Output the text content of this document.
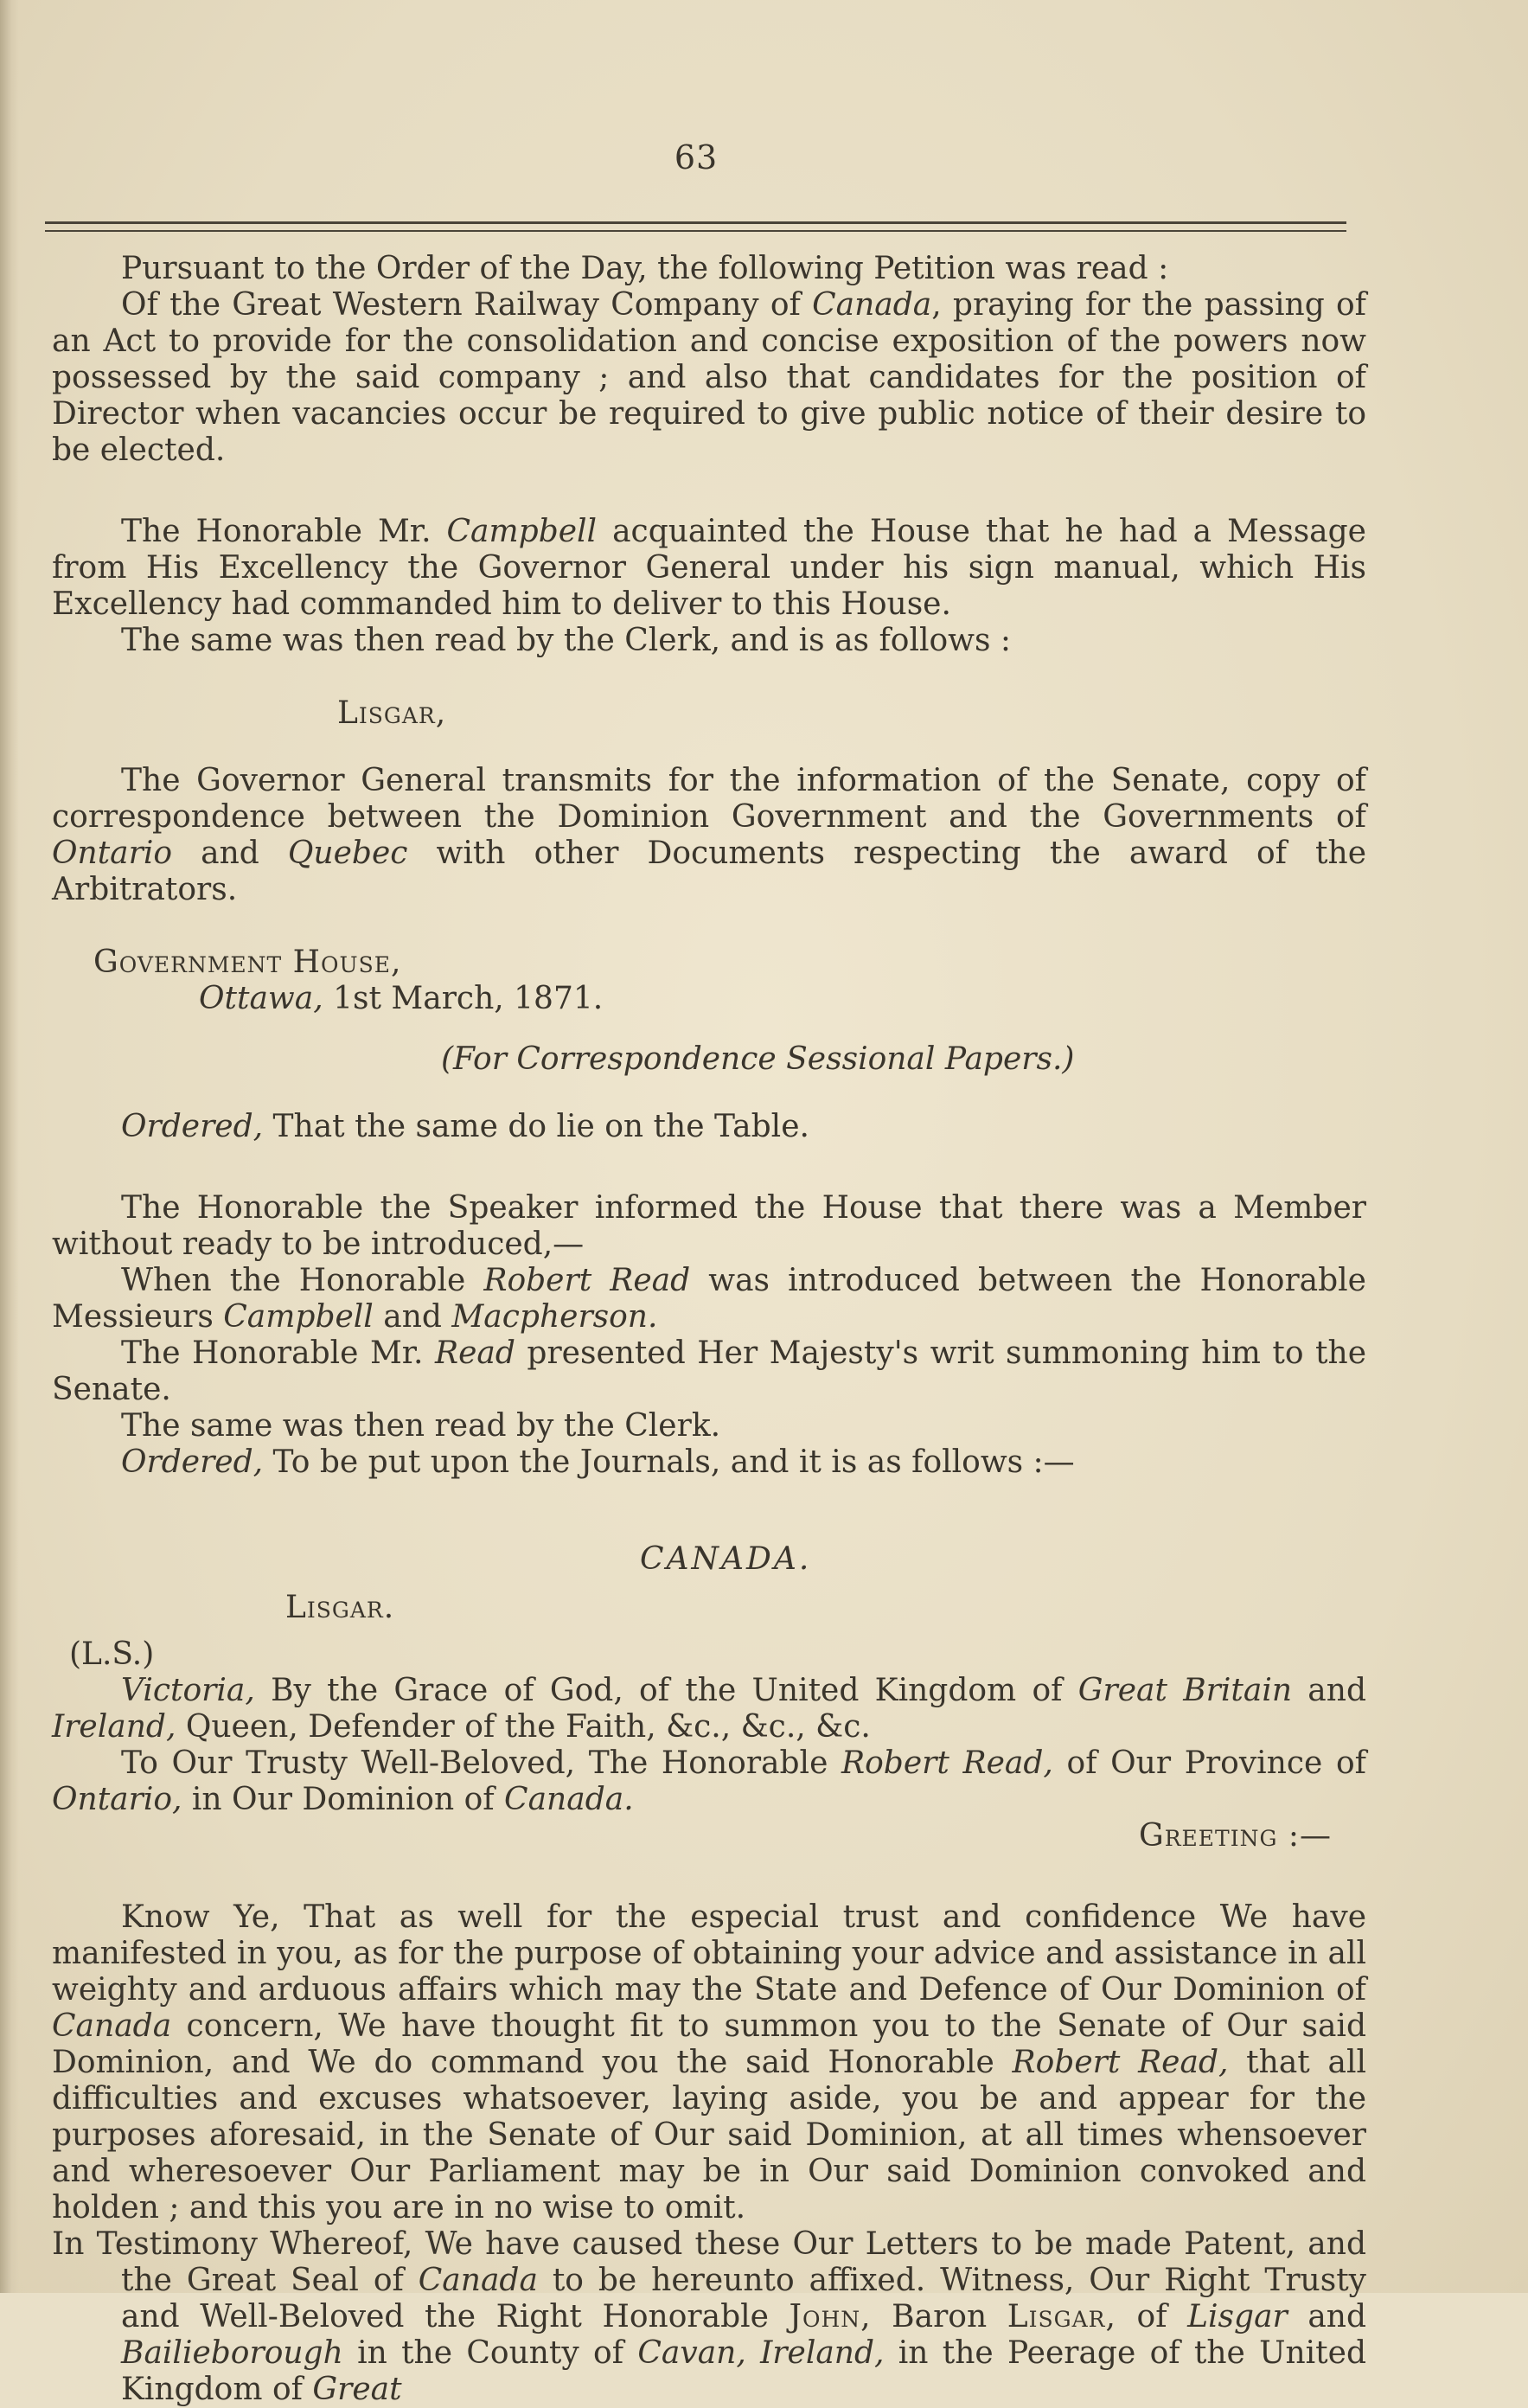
63

Pursuant to the Order of the Day, the following Petition was read :

Of the Great Western Railway Company of Canada, praying for the passing of an Act to provide for the consolidation and concise exposition of the powers now possessed by the said company ; and also that candidates for the position of Director when vacancies occur be required to give public notice of their desire to be elected.

The Honorable Mr. Campbell acquainted the House that he had a Message from His Excellency the Governor General under his sign manual, which His Excellency had commanded him to deliver to this House.

The same was then read by the Clerk, and is as follows :

Lisgar,

The Governor General transmits for the information of the Senate, copy of correspondence between the Dominion Government and the Governments of Ontario and Quebec with other Documents respecting the award of the Arbitrators.

Government House,

Ottawa, 1st March, 1871.

(For Correspondence Sessional Papers.)

Ordered, That the same do lie on the Table.

The Honorable the Speaker informed the House that there was a Member without ready to be introduced,—

When the Honorable Robert Read was introduced between the Honorable Messieurs Campbell and Macpherson.

The Honorable Mr. Read presented Her Majesty's writ summoning him to the Senate.

The same was then read by the Clerk.

Ordered, To be put upon the Journals, and it is as follows :—

CANADA.

Lisgar.

(L.S.)

Victoria, By the Grace of God, of the United Kingdom of Great Britain and Ireland, Queen, Defender of the Faith, &c., &c., &c.

To Our Trusty Well-Beloved, The Honorable Robert Read, of Our Province of Ontario, in Our Dominion of Canada.

Greeting :—

Know Ye, That as well for the especial trust and confidence We have manifested in you, as for the purpose of obtaining your advice and assistance in all weighty and arduous affairs which may the State and Defence of Our Dominion of Canada concern, We have thought fit to summon you to the Senate of Our said Dominion, and We do command you the said Honorable Robert Read, that all difficulties and excuses whatsoever, laying aside, you be and appear for the purposes aforesaid, in the Senate of Our said Dominion, at all times whensoever and wheresoever Our Parliament may be in Our said Dominion convoked and holden ; and this you are in no wise to omit.

In Testimony Whereof, We have caused these Our Letters to be made Patent, and the Great Seal of Canada to be hereunto affixed. Witness, Our Right Trusty and Well-Beloved the Right Honorable John, Baron Lisgar, of Lisgar and Bailieborough in the County of Cavan, Ireland, in the Peerage of the United Kingdom of Great
